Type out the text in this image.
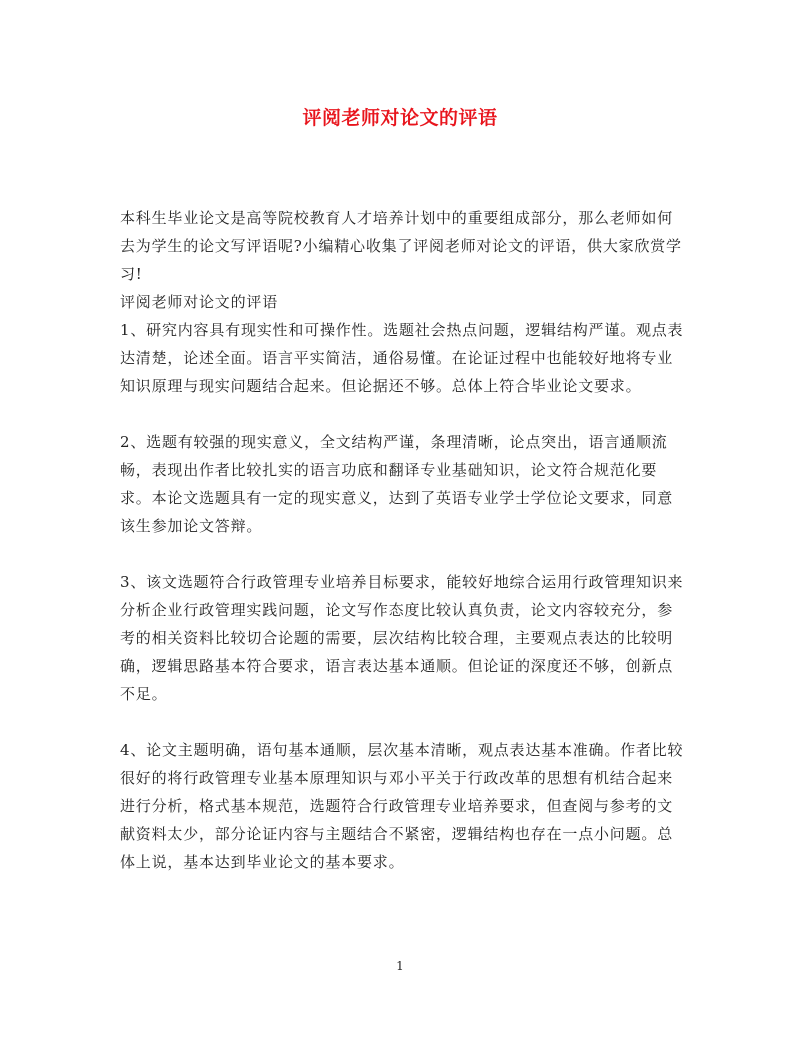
评阅老师对论文的评语

本科生毕业论文是高等院校教育人才培养计划中的重要组成部分，那么老师如何去为学生的论文写评语呢?小编精心收集了评阅老师对论文的评语，供大家欣赏学习!

评阅老师对论文的评语

1、研究内容具有现实性和可操作性。选题社会热点问题，逻辑结构严谨。观点表达清楚，论述全面。语言平实简洁，通俗易懂。在论证过程中也能较好地将专业知识原理与现实问题结合起来。但论据还不够。总体上符合毕业论文要求。

2、选题有较强的现实意义，全文结构严谨，条理清晰，论点突出，语言通顺流畅，表现出作者比较扎实的语言功底和翻译专业基础知识，论文符合规范化要求。本论文选题具有一定的现实意义，达到了英语专业学士学位论文要求，同意该生参加论文答辩。

3、该文选题符合行政管理专业培养目标要求，能较好地综合运用行政管理知识来分析企业行政管理实践问题，论文写作态度比较认真负责，论文内容较充分，参考的相关资料比较切合论题的需要，层次结构比较合理，主要观点表达的比较明确，逻辑思路基本符合要求，语言表达基本通顺。但论证的深度还不够，创新点不足。

4、论文主题明确，语句基本通顺，层次基本清晰，观点表达基本准确。作者比较很好的将行政管理专业基本原理知识与邓小平关于行政改革的思想有机结合起来进行分析，格式基本规范，选题符合行政管理专业培养要求，但查阅与参考的文献资料太少，部分论证内容与主题结合不紧密，逻辑结构也存在一点小问题。总体上说，基本达到毕业论文的基本要求。

1
